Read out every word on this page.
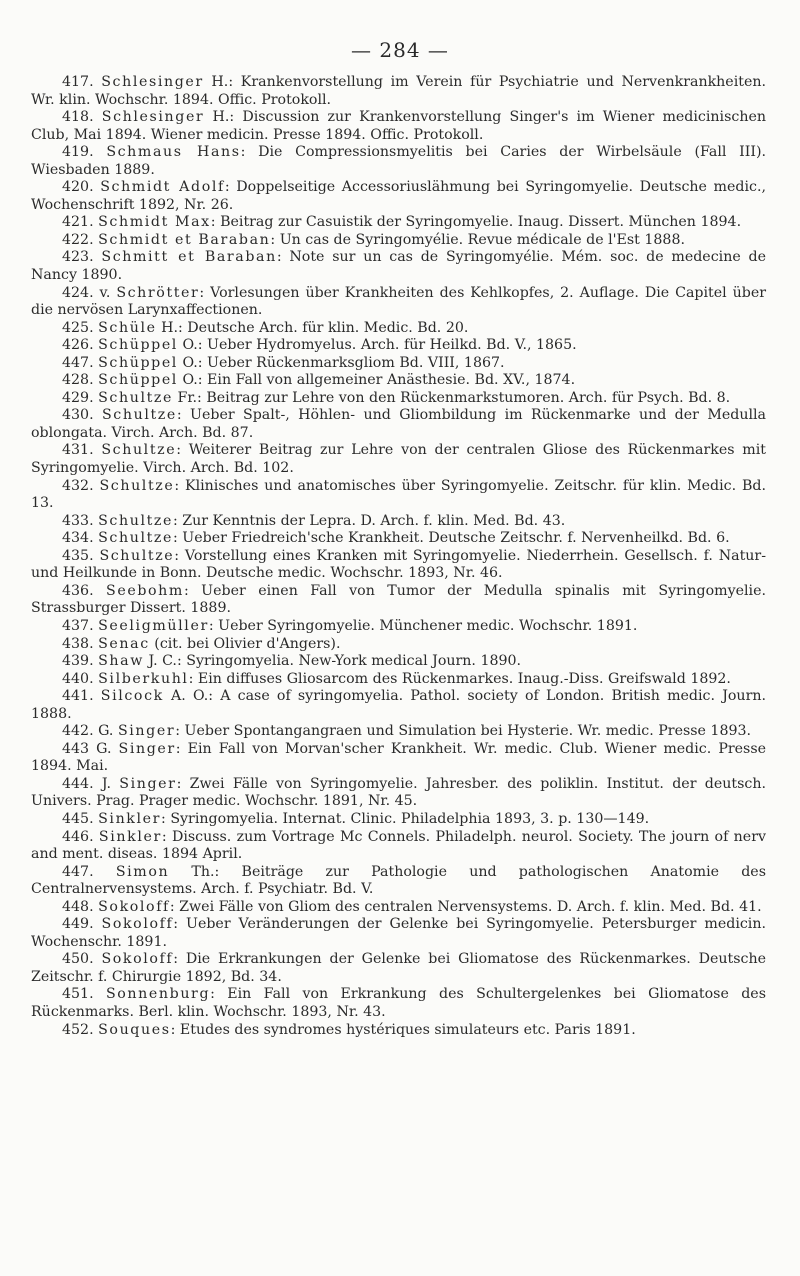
— 284 —

417. Schlesinger H.: Krankenvorstellung im Verein für Psychiatrie und Nervenkrankheiten. Wr. klin. Wochschr. 1894. Offic. Protokoll.

418. Schlesinger H.: Discussion zur Krankenvorstellung Singer's im Wiener medicinischen Club, Mai 1894. Wiener medicin. Presse 1894. Offic. Protokoll.

419. Schmaus Hans: Die Compressionsmyelitis bei Caries der Wirbelsäule (Fall III). Wiesbaden 1889.

420. Schmidt Adolf: Doppelseitige Accessoriuslähmung bei Syringomyelie. Deutsche medic., Wochenschrift 1892, Nr. 26.

421. Schmidt Max: Beitrag zur Casuistik der Syringomyelie. Inaug. Dissert. München 1894.

422. Schmidt et Baraban: Un cas de Syringomyélie. Revue médicale de l'Est 1888.

423. Schmitt et Baraban: Note sur un cas de Syringomyélie. Mém. soc. de medecine de Nancy 1890.

424. v. Schrötter: Vorlesungen über Krankheiten des Kehlkopfes, 2. Auflage. Die Capitel über die nervösen Larynxaffectionen.

425. Schüle H.: Deutsche Arch. für klin. Medic. Bd. 20.

426. Schüppel O.: Ueber Hydromyelus. Arch. für Heilkd. Bd. V., 1865.

447. Schüppel O.: Ueber Rückenmarksgliom Bd. VIII, 1867.

428. Schüppel O.: Ein Fall von allgemeiner Anästhesie. Bd. XV., 1874.

429. Schultze Fr.: Beitrag zur Lehre von den Rückenmarkstumoren. Arch. für Psych. Bd. 8.

430. Schultze: Ueber Spalt-, Höhlen- und Gliombildung im Rückenmarke und der Medulla oblongata. Virch. Arch. Bd. 87.

431. Schultze: Weiterer Beitrag zur Lehre von der centralen Gliose des Rückenmarkes mit Syringomyelie. Virch. Arch. Bd. 102.

432. Schultze: Klinisches und anatomisches über Syringomyelie. Zeitschr. für klin. Medic. Bd. 13.

433. Schultze: Zur Kenntnis der Lepra. D. Arch. f. klin. Med. Bd. 43.

434. Schultze: Ueber Friedreich'sche Krankheit. Deutsche Zeitschr. f. Nervenheilkd. Bd. 6.

435. Schultze: Vorstellung eines Kranken mit Syringomyelie. Niederrhein. Gesellsch. f. Natur- und Heilkunde in Bonn. Deutsche medic. Wochschr. 1893, Nr. 46.

436. Seebohm: Ueber einen Fall von Tumor der Medulla spinalis mit Syringomyelie. Strassburger Dissert. 1889.

437. Seeligmüller: Ueber Syringomyelie. Münchener medic. Wochschr. 1891.

438. Senac (cit. bei Olivier d'Angers).

439. Shaw J. C.: Syringomyelia. New-York medical Journ. 1890.

440. Silberkuhl: Ein diffuses Gliosarcom des Rückenmarkes. Inaug.-Diss. Greifswald 1892.

441. Silcock A. O.: A case of syringomyelia. Pathol. society of London. British medic. Journ. 1888.

442. G. Singer: Ueber Spontangangraen und Simulation bei Hysterie. Wr. medic. Presse 1893.

443 G. Singer: Ein Fall von Morvan'scher Krankheit. Wr. medic. Club. Wiener medic. Presse 1894. Mai.

444. J. Singer: Zwei Fälle von Syringomyelie. Jahresber. des poliklin. Institut. der deutsch. Univers. Prag. Prager medic. Wochschr. 1891, Nr. 45.

445. Sinkler: Syringomyelia. Internat. Clinic. Philadelphia 1893, 3. p. 130—149.

446. Sinkler: Discuss. zum Vortrage Mc Connels. Philadelph. neurol. Society. The journ of nerv and ment. diseas. 1894 April.

447. Simon Th.: Beiträge zur Pathologie und pathologischen Anatomie des Centralnervensystems. Arch. f. Psychiatr. Bd. V.

448. Sokoloff: Zwei Fälle von Gliom des centralen Nervensystems. D. Arch. f. klin. Med. Bd. 41.

449. Sokoloff: Ueber Veränderungen der Gelenke bei Syringomyelie. Petersburger medicin. Wochenschr. 1891.

450. Sokoloff: Die Erkrankungen der Gelenke bei Gliomatose des Rückenmarkes. Deutsche Zeitschr. f. Chirurgie 1892, Bd. 34.

451. Sonnenburg: Ein Fall von Erkrankung des Schultergelenkes bei Gliomatose des Rückenmarks. Berl. klin. Wochschr. 1893, Nr. 43.

452. Souques: Etudes des syndromes hystériques simulateurs etc. Paris 1891.
